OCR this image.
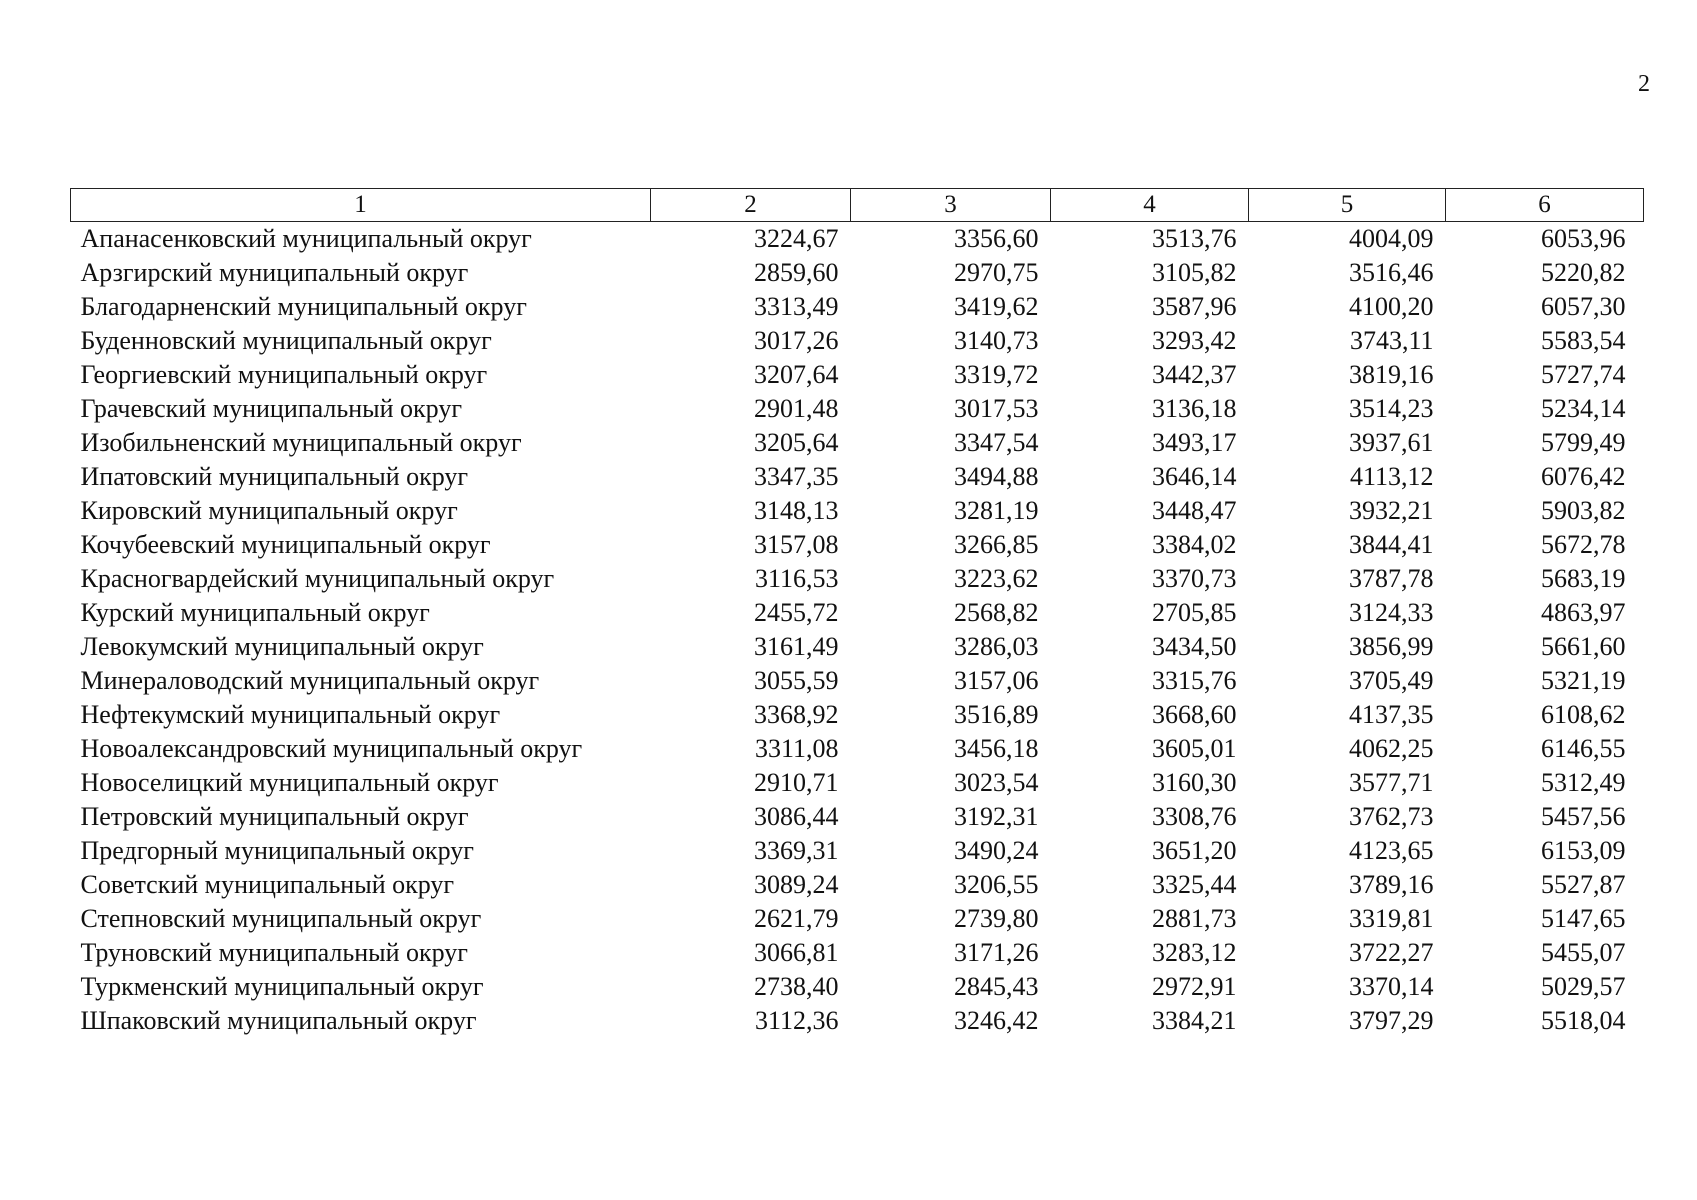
2
1	2	3	4	5	6
Апанасенковский муниципальный округ	3224,67	3356,60	3513,76	4004,09	6053,96
Арзгирский муниципальный округ	2859,60	2970,75	3105,82	3516,46	5220,82
Благодарненский муниципальный округ	3313,49	3419,62	3587,96	4100,20	6057,30
Буденновский муниципальный округ	3017,26	3140,73	3293,42	3743,11	5583,54
Георгиевский муниципальный округ	3207,64	3319,72	3442,37	3819,16	5727,74
Грачевский муниципальный округ	2901,48	3017,53	3136,18	3514,23	5234,14
Изобильненский муниципальный округ	3205,64	3347,54	3493,17	3937,61	5799,49
Ипатовский муниципальный округ	3347,35	3494,88	3646,14	4113,12	6076,42
Кировский муниципальный округ	3148,13	3281,19	3448,47	3932,21	5903,82
Кочубеевский муниципальный округ	3157,08	3266,85	3384,02	3844,41	5672,78
Красногвардейский муниципальный округ	3116,53	3223,62	3370,73	3787,78	5683,19
Курский муниципальный округ	2455,72	2568,82	2705,85	3124,33	4863,97
Левокумский муниципальный округ	3161,49	3286,03	3434,50	3856,99	5661,60
Минераловодский муниципальный округ	3055,59	3157,06	3315,76	3705,49	5321,19
Нефтекумский муниципальный округ	3368,92	3516,89	3668,60	4137,35	6108,62
Новоалександровский муниципальный округ	3311,08	3456,18	3605,01	4062,25	6146,55
Новоселицкий муниципальный округ	2910,71	3023,54	3160,30	3577,71	5312,49
Петровский муниципальный округ	3086,44	3192,31	3308,76	3762,73	5457,56
Предгорный муниципальный округ	3369,31	3490,24	3651,20	4123,65	6153,09
Советский муниципальный округ	3089,24	3206,55	3325,44	3789,16	5527,87
Степновский муниципальный округ	2621,79	2739,80	2881,73	3319,81	5147,65
Труновский муниципальный округ	3066,81	3171,26	3283,12	3722,27	5455,07
Туркменский муниципальный округ	2738,40	2845,43	2972,91	3370,14	5029,57
Шпаковский муниципальный округ	3112,36	3246,42	3384,21	3797,29	5518,04
